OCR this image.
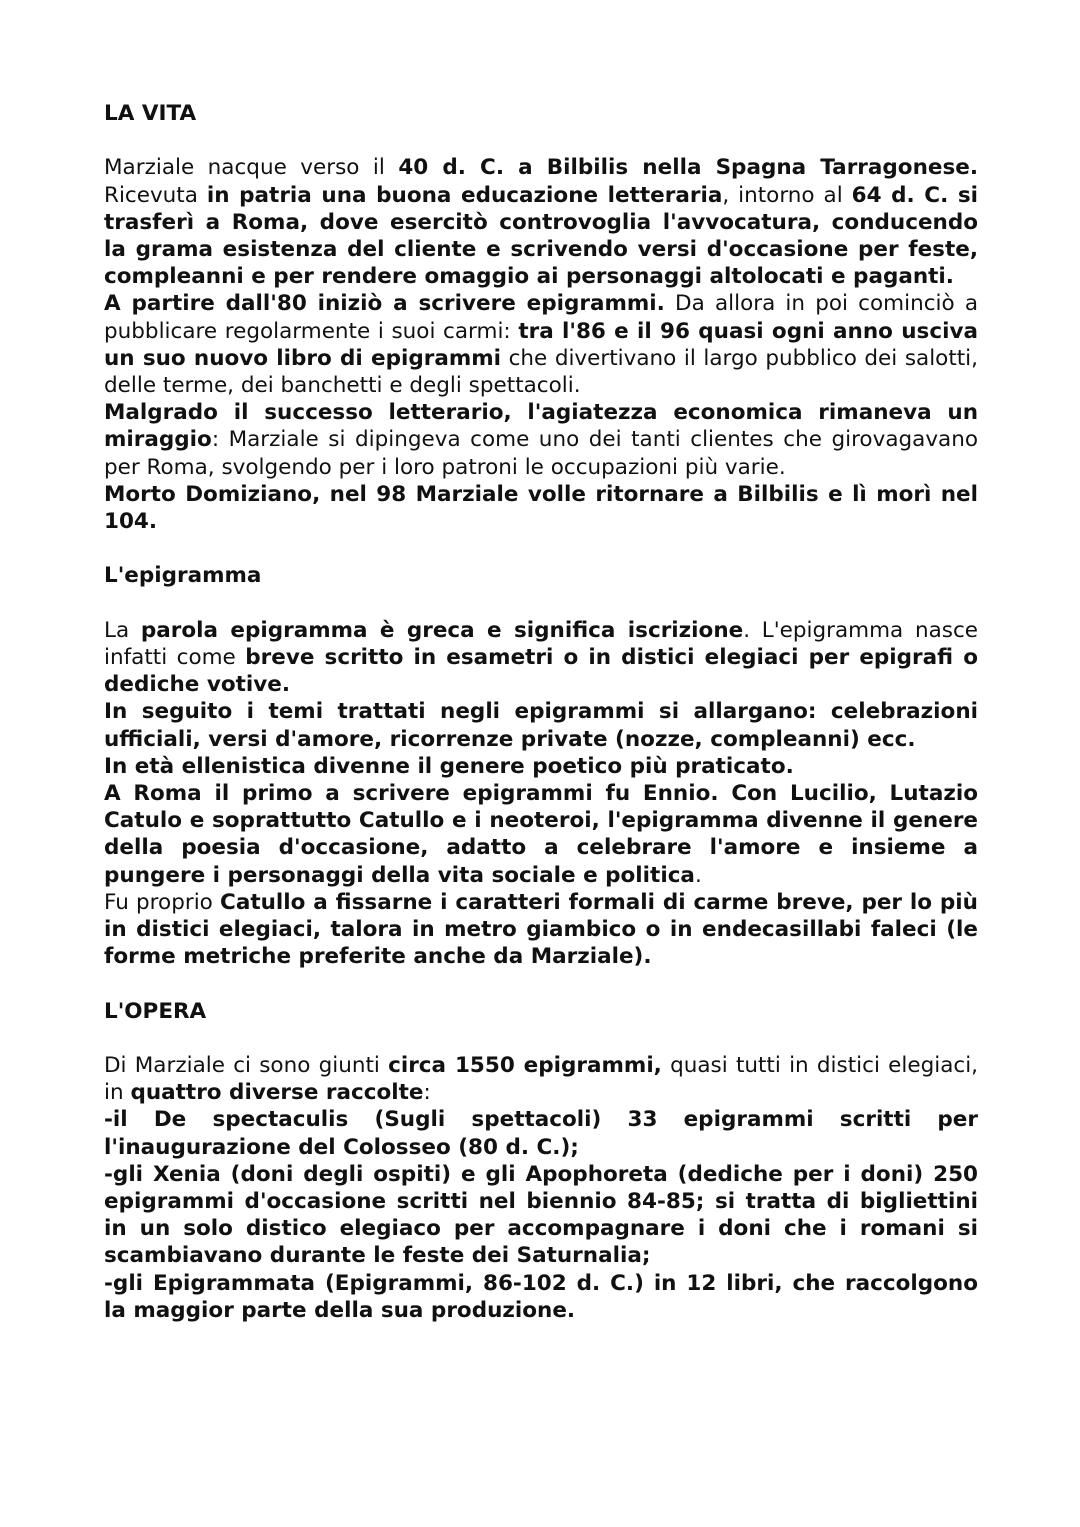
LA VITA

Marziale nacque verso il 40 d. C. a Bilbilis nella Spagna Tarragonese. Ricevuta in patria una buona educazione letteraria, intorno al 64 d. C. si trasferì a Roma, dove esercitò controvoglia l'avvocatura, conducendo la grama esistenza del cliente e scrivendo versi d'occasione per feste, compleanni e per rendere omaggio ai personaggi altolocati e paganti.

A partire dall'80 iniziò a scrivere epigrammi. Da allora in poi cominciò a pubblicare regolarmente i suoi carmi: tra l'86 e il 96 quasi ogni anno usciva un suo nuovo libro di epigrammi che divertivano il largo pubblico dei salotti, delle terme, dei banchetti e degli spettacoli.

Malgrado il successo letterario, l'agiatezza economica rimaneva un miraggio: Marziale si dipingeva come uno dei tanti clientes che girovagavano per Roma, svolgendo per i loro patroni le occupazioni più varie.

Morto Domiziano, nel 98 Marziale volle ritornare a Bilbilis e lì morì nel 104.

L'epigramma

La parola epigramma è greca e significa iscrizione. L'epigramma nasce infatti come breve scritto in esametri o in distici elegiaci per epigrafi o dediche votive.

In seguito i temi trattati negli epigrammi si allargano: celebrazioni ufficiali, versi d'amore, ricorrenze private (nozze, compleanni) ecc.

In età ellenistica divenne il genere poetico più praticato.

A Roma il primo a scrivere epigrammi fu Ennio. Con Lucilio, Lutazio Catulo e soprattutto Catullo e i neoteroi, l'epigramma divenne il genere della poesia d'occasione, adatto a celebrare l'amore e insieme a pungere i personaggi della vita sociale e politica.

Fu proprio Catullo a fissarne i caratteri formali di carme breve, per lo più in distici elegiaci, talora in metro giambico o in endecasillabi faleci (le forme metriche preferite anche da Marziale).

L'OPERA

Di Marziale ci sono giunti circa 1550 epigrammi, quasi tutti in distici elegiaci, in quattro diverse raccolte:

-il De spectaculis (Sugli spettacoli) 33 epigrammi scritti per l'inaugurazione del Colosseo (80 d. C.);

-gli Xenia (doni degli ospiti) e gli Apophoreta (dediche per i doni) 250 epigrammi d'occasione scritti nel biennio 84-85; si tratta di bigliettini in un solo distico elegiaco per accompagnare i doni che i romani si scambiavano durante le feste dei Saturnalia;

-gli Epigrammata (Epigrammi, 86-102 d. C.) in 12 libri, che raccolgono la maggior parte della sua produzione.
